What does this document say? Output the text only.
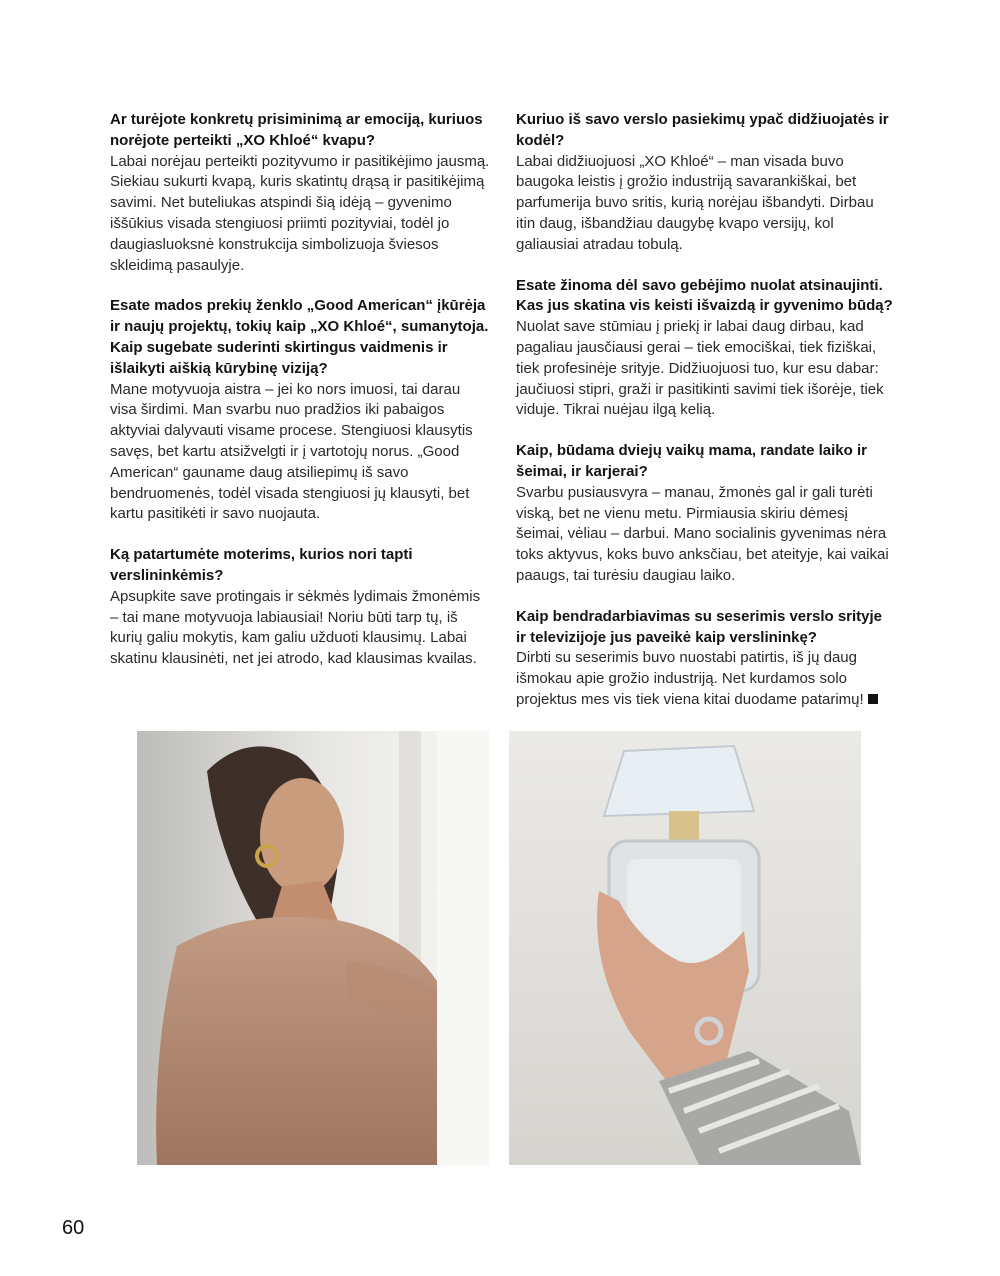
Ar turėjote konkretų prisiminimą ar emociją, kuriuos norėjote perteikti „XO Khloé“ kvapu?

Labai norėjau perteikti pozityvumo ir pasitikėjimo jausmą. Siekiau sukurti kvapą, kuris skatintų drąsą ir pasitikėjimą savimi. Net buteliukas atspindi šią idėją – gyvenimo iššūkius visada stengiuosi priimti pozityviai, todėl jo daugiasluoksnė konstrukcija simbolizuoja šviesos skleidimą pasaulyje.

Esate mados prekių ženklo „Good American“ įkūrėja ir naujų projektų, tokių kaip „XO Khloé“, sumanytoja. Kaip sugebate suderinti skirtingus vaidmenis ir išlaikyti aiškią kūrybinę viziją?

Mane motyvuoja aistra – jei ko nors imuosi, tai darau visa širdimi. Man svarbu nuo pradžios iki pabaigos aktyviai dalyvauti visame procese. Stengiuosi klausytis savęs, bet kartu atsižvelgti ir į vartotojų norus. „Good American“ gauname daug atsiliepimų iš savo bendruomenės, todėl visada stengiuosi jų klausyti, bet kartu pasitikėti ir savo nuojauta.

Ką patartumėte moterims, kurios nori tapti verslininkėmis?

Apsupkite save protingais ir sėkmės lydimais žmonėmis – tai mane motyvuoja labiausiai! Noriu būti tarp tų, iš kurių galiu mokytis, kam galiu užduoti klausimų. Labai skatinu klausinėti, net jei atrodo, kad klausimas kvailas.

Kuriuo iš savo verslo pasiekimų ypač didžiuojatės ir kodėl?

Labai didžiuojuosi „XO Khloé“ – man visada buvo baugoka leistis į grožio industriją savarankiškai, bet parfumerija buvo sritis, kurią norėjau išbandyti. Dirbau itin daug, išbandžiau daugybę kvapo versijų, kol galiausiai atradau tobulą.

Esate žinoma dėl savo gebėjimo nuolat atsinaujinti. Kas jus skatina vis keisti išvaizdą ir gyvenimo būdą?

Nuolat save stūmiau į priekį ir labai daug dirbau, kad pagaliau jausčiausi gerai – tiek emociškai, tiek fiziškai, tiek profesinėje srityje. Didžiuojuosi tuo, kur esu dabar: jaučiuosi stipri, graži ir pasitikinti savimi tiek išorėje, tiek viduje. Tikrai nuėjau ilgą kelią.

Kaip, būdama dviejų vaikų mama, randate laiko ir šeimai, ir karjerai?

Svarbu pusiausvyra – manau, žmonės gal ir gali turėti viską, bet ne vienu metu. Pirmiausia skiriu dėmesį šeimai, vėliau – darbui. Mano socialinis gyvenimas nėra toks aktyvus, koks buvo anksčiau, bet ateityje, kai vaikai paaugs, tai turėsiu daugiau laiko.

Kaip bendradarbiavimas su seserimis verslo srityje ir televizijoje jus paveikė kaip verslininkę?

Dirbti su seserimis buvo nuostabi patirtis, iš jų daug išmokau apie grožio industriją. Net kurdamos solo projektus mes vis tiek viena kitai duodame patarimų!

60
